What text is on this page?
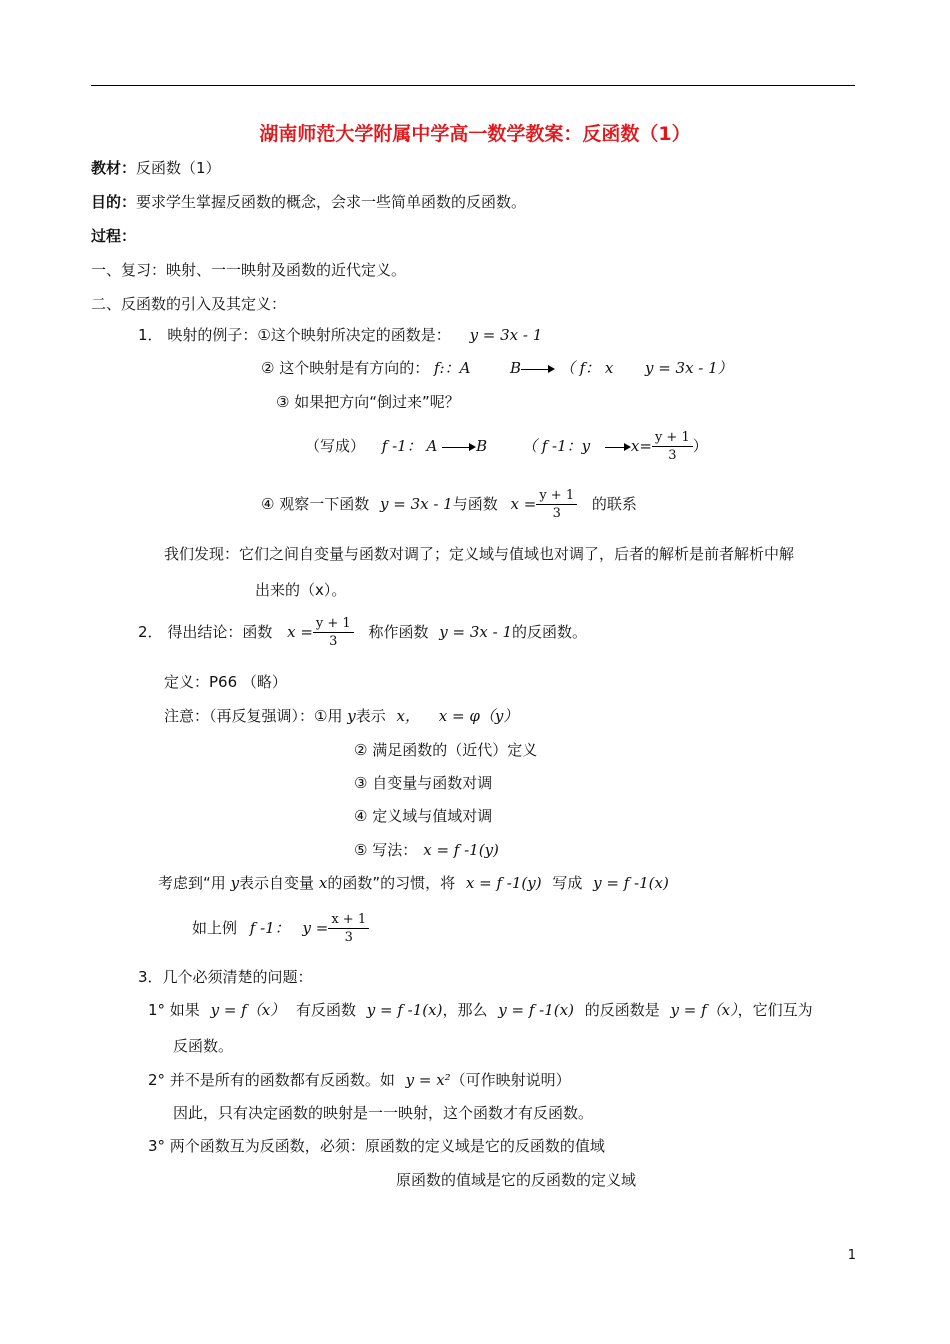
湖南师范大学附属中学高一数学教案：反函数（1）
教材：反函数（1）
目的：要求学生掌握反函数的概念，会求一些简单函数的反函数。
过程：
一、复习：映射、一一映射及函数的近代定义。
二、反函数的引入及其定义：
1． 映射的例子：①这个映射所决定的函数是： y = 3x - 1
② 这个映射是有方向的： f:：A	B	（ f： x y = 3x - 1）
③ 如果把方向“倒过来”呢？
（写成） f -1： A	B （ f -1：y	$x= \frac{y + 1}{3}$ ）
④ 观察一下函数 y = 3x - 1与函数 $x = \frac{y + 1}{3}$ 的联系
我们发现：它们之间自变量与函数对调了；定义域与值域也对调了，后者的解析是前者解析中解
出来的（x）。
2． 得出结论：函数 $x = \frac{y + 1}{3}$ 称作函数 y = 3x - 1的反函数。
定义：P66 （略）
注意：（再反复强调）：①用 y表示 x， x = φ（y）
② 满足函数的（近代）定义
③ 自变量与函数对调
④ 定义域与值域对调
⑤ 写法： x = f -1(y)
考虑到“用 y表示自变量 x的函数”的习惯，将 x = f -1(y) 写成 y = f -1(x)
如上例 f -1： $y = \frac{x + 1}{3}$
3．几个必须清楚的问题：
1° 如果 y = f（x） 有反函数 y = f -1(x)，那么 y = f -1(x) 的反函数是 y = f（x），它们互为
反函数。
2° 并不是所有的函数都有反函数。如 y = x²（可作映射说明）
因此，只有决定函数的映射是一一映射，这个函数才有反函数。
3° 两个函数互为反函数，必须：原函数的定义域是它的反函数的值域
原函数的值域是它的反函数的定义域
1
